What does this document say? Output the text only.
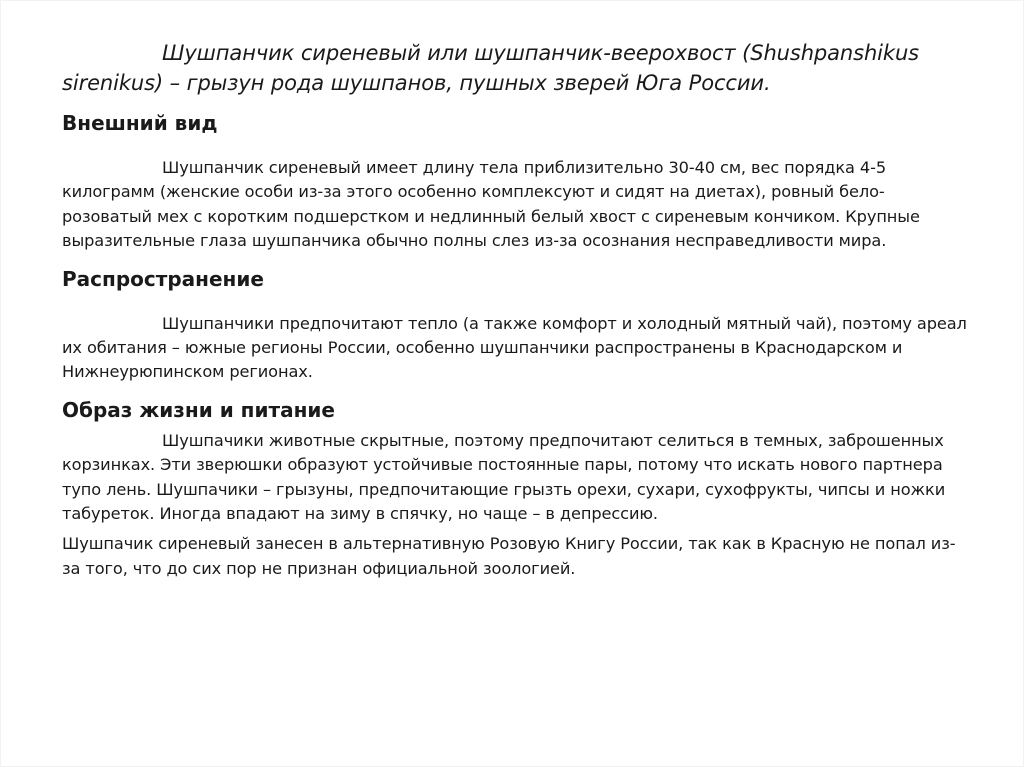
Шушпанчик сиреневый или шушпанчик-веерохвост (Shushpanshikus sirenikus) – грызун рода шушпанов, пушных зверей Юга России.

Внешний вид

Шушпанчик сиреневый имеет длину тела приблизительно 30-40 см, вес порядка 4-5 килограмм (женские особи из-за этого особенно комплексуют и сидят на диетах), ровный бело-розоватый мех с коротким подшерстком и недлинный белый хвост с сиреневым кончиком. Крупные выразительные глаза шушпанчика обычно полны слез из-за осознания несправедливости мира.

Распространение

Шушпанчики предпочитают тепло (а также комфорт и холодный мятный чай), поэтому ареал их обитания – южные регионы России, особенно шушпанчики распространены в Краснодарском и Нижнеурюпинском регионах.

Образ жизни и питание

Шушпачики животные скрытные, поэтому предпочитают селиться в темных, заброшенных корзинках. Эти зверюшки образуют устойчивые постоянные пары, потому что искать нового партнера тупо лень. Шушпачики – грызуны, предпочитающие грызть орехи, сухари, сухофрукты, чипсы и ножки табуреток. Иногда впадают на зиму в спячку, но чаще – в депрессию.

Шушпачик сиреневый занесен в альтернативную Розовую Книгу России, так как в Красную не попал из-за того, что до сих пор не признан официальной зоологией.
